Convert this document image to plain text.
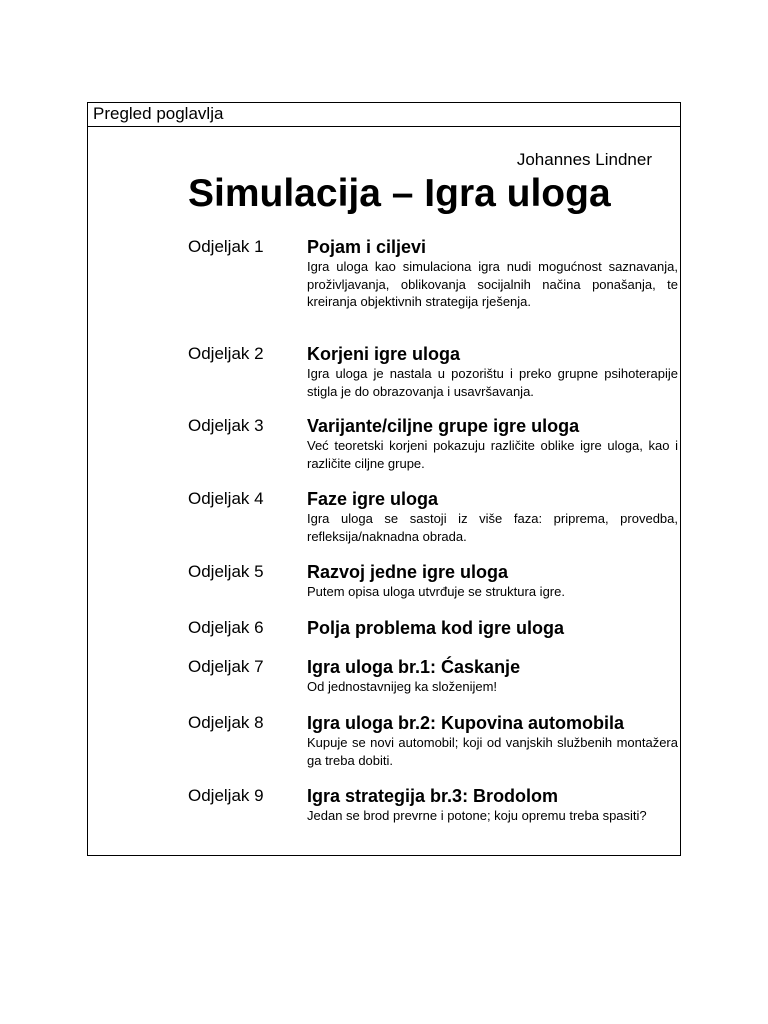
Pregled poglavlja
Johannes Lindner
Simulacija – Igra uloga
Odjeljak 1 Pojam i ciljevi
Igra uloga kao simulaciona igra nudi mogućnost saznavanja, proživljavanja, oblikovanja socijalnih načina ponašanja, te kreiranja objektivnih strategija rješenja.
Odjeljak 2 Korjeni igre uloga
Igra uloga je nastala u pozorištu i preko grupne psihoterapije stigla je do obrazovanja i usavršavanja.
Odjeljak 3 Varijante/ciljne grupe igre uloga
Već teoretski korjeni pokazuju različite oblike igre uloga, kao i različite ciljne grupe.
Odjeljak 4 Faze igre uloga
Igra uloga se sastoji iz više faza: priprema, provedba, refleksija/naknadna obrada.
Odjeljak 5 Razvoj jedne igre uloga
Putem opisa uloga utvrđuje se struktura igre.
Odjeljak 6 Polja problema kod igre uloga
Odjeljak 7 Igra uloga br.1: Ćaskanje
Od jednostavnijeg ka složenijem!
Odjeljak 8 Igra uloga br.2: Kupovina automobila
Kupuje se novi automobil; koji od vanjskih službenih montažera ga treba dobiti.
Odjeljak 9 Igra strategija br.3: Brodolom
Jedan se brod prevrne i potone; koju opremu treba spasiti?
